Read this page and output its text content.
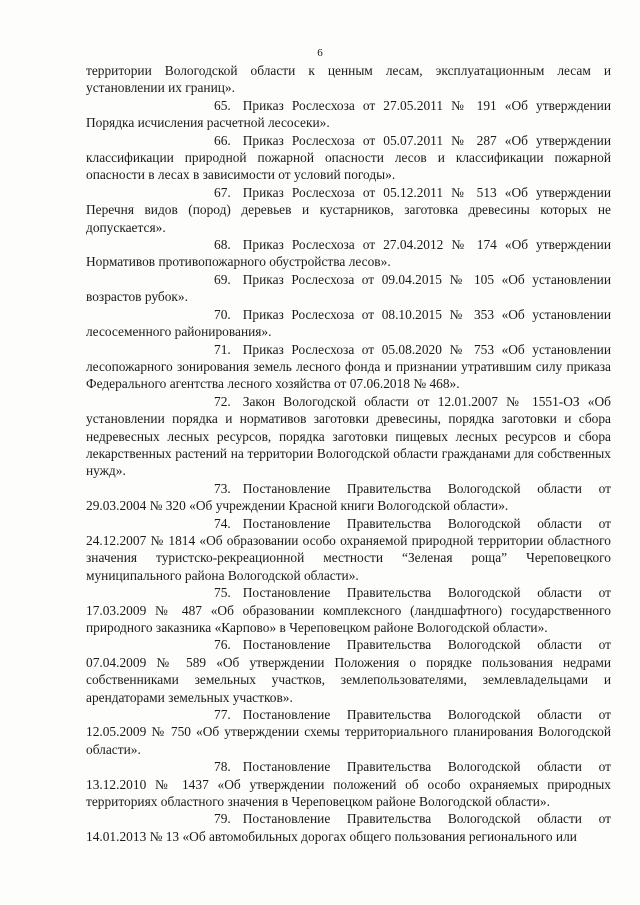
6

территории Вологодской области к ценным лесам, эксплуатационным лесам и установлении их границ».

65. Приказ Рослесхоза от 27.05.2011 № 191 «Об утверждении Порядка исчисления расчетной лесосеки».

66. Приказ Рослесхоза от 05.07.2011 № 287 «Об утверждении классификации природной пожарной опасности лесов и классификации пожарной опасности в лесах в зависимости от условий погоды».

67. Приказ Рослесхоза от 05.12.2011 № 513 «Об утверждении Перечня видов (пород) деревьев и кустарников, заготовка древесины которых не допускается».

68. Приказ Рослесхоза от 27.04.2012 № 174 «Об утверждении Нормативов противопожарного обустройства лесов».

69. Приказ Рослесхоза от 09.04.2015 № 105 «Об установлении возрастов рубок».

70. Приказ Рослесхоза от 08.10.2015 № 353 «Об установлении лесосеменного районирования».

71. Приказ Рослесхоза от 05.08.2020 № 753 «Об установлении лесопожарного зонирования земель лесного фонда и признании утратившим силу приказа Федерального агентства лесного хозяйства от 07.06.2018 № 468».

72. Закон Вологодской области от 12.01.2007 № 1551-ОЗ «Об установлении порядка и нормативов заготовки древесины, порядка заготовки и сбора недревесных лесных ресурсов, порядка заготовки пищевых лесных ресурсов и сбора лекарственных растений на территории Вологодской области гражданами для собственных нужд».

73. Постановление Правительства Вологодской области от 29.03.2004 № 320 «Об учреждении Красной книги Вологодской области».

74. Постановление Правительства Вологодской области от 24.12.2007 № 1814 «Об образовании особо охраняемой природной территории областного значения туристско-рекреационной местности “Зеленая роща” Череповецкого муниципального района Вологодской области».

75. Постановление Правительства Вологодской области от 17.03.2009 № 487 «Об образовании комплексного (ландшафтного) государственного природного заказника «Карпово» в Череповецком районе Вологодской области».

76. Постановление Правительства Вологодской области от 07.04.2009 № 589 «Об утверждении Положения о порядке пользования недрами собственниками земельных участков, землепользователями, землевладельцами и арендаторами земельных участков».

77. Постановление Правительства Вологодской области от 12.05.2009 № 750 «Об утверждении схемы территориального планирования Вологодской области».

78. Постановление Правительства Вологодской области от 13.12.2010 № 1437 «Об утверждении положений об особо охраняемых природных территориях областного значения в Череповецком районе Вологодской области».

79. Постановление Правительства Вологодской области от 14.01.2013 № 13 «Об автомобильных дорогах общего пользования регионального или
